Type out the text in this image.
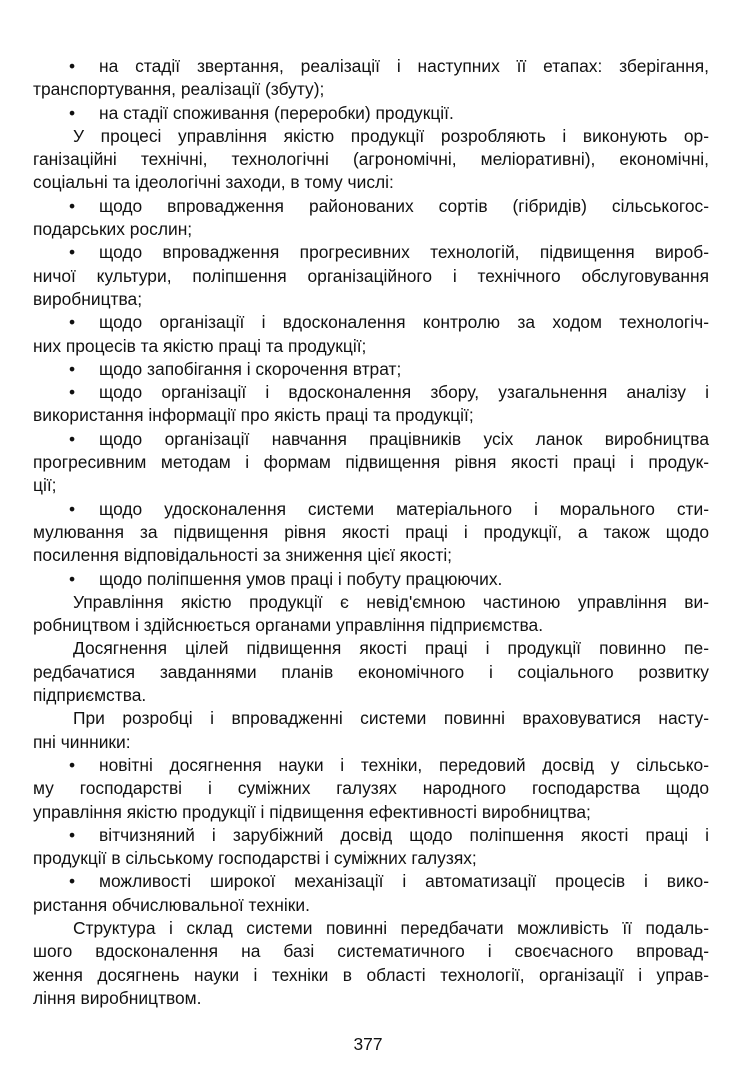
•	на стадії звертання, реалізації і наступних її етапах: зберігання,
транспортування, реалізації (збуту);
•	на стадії споживання (переробки) продукції.
У процесі управління якістю продукції розробляють і виконують ор-
ганізаційні технічні, технологічні (агрономічні, меліоративні), економічні,
соціальні та ідеологічні заходи, в тому числі:
•	щодо впровадження районованих сортів (гібридів) сільськогос-
подарських рослин;
•	щодо впровадження прогресивних технологій, підвищення вироб-
ничої культури, поліпшення організаційного і технічного обслуговування
виробництва;
•	щодо організації і вдосконалення контролю за ходом технологіч-
них процесів та якістю праці та продукції;
•	щодо запобігання і скорочення втрат;
•	щодо організації і вдосконалення збору, узагальнення аналізу і
використання інформації про якість праці та продукції;
•	щодо організації навчання працівників усіх ланок виробництва
прогресивним методам і формам підвищення рівня якості праці і продук-
ції;
•	щодо удосконалення системи матеріального і морального сти-
мулювання за підвищення рівня якості праці і продукції, а також щодо
посилення відповідальності за зниження цієї якості;
•	щодо поліпшення умов праці і побуту працюючих.
Управління якістю продукції є невід'ємною частиною управління ви-
робництвом і здійснюється органами управління підприємства.
Досягнення цілей підвищення якості праці і продукції повинно пе-
редбачатися завданнями планів економічного і соціального розвитку
підприємства.
При розробці і впровадженні системи повинні враховуватися насту-
пні чинники:
•	новітні досягнення науки і техніки, передовий досвід у сільсько-
му господарстві і суміжних галузях народного господарства щодо
управління якістю продукції і підвищення ефективності виробництва;
•	вітчизняний і зарубіжний досвід щодо поліпшення якості праці і
продукції в сільському господарстві і суміжних галузях;
•	можливості широкої механізації і автоматизації процесів і вико-
ристання обчислювальної техніки.
Структура і склад системи повинні передбачати можливість її подаль-
шого вдосконалення на базі систематичного і своєчасного впровад-
ження досягнень науки і техніки в області технології, організації і управ-
ління виробництвом.
377
